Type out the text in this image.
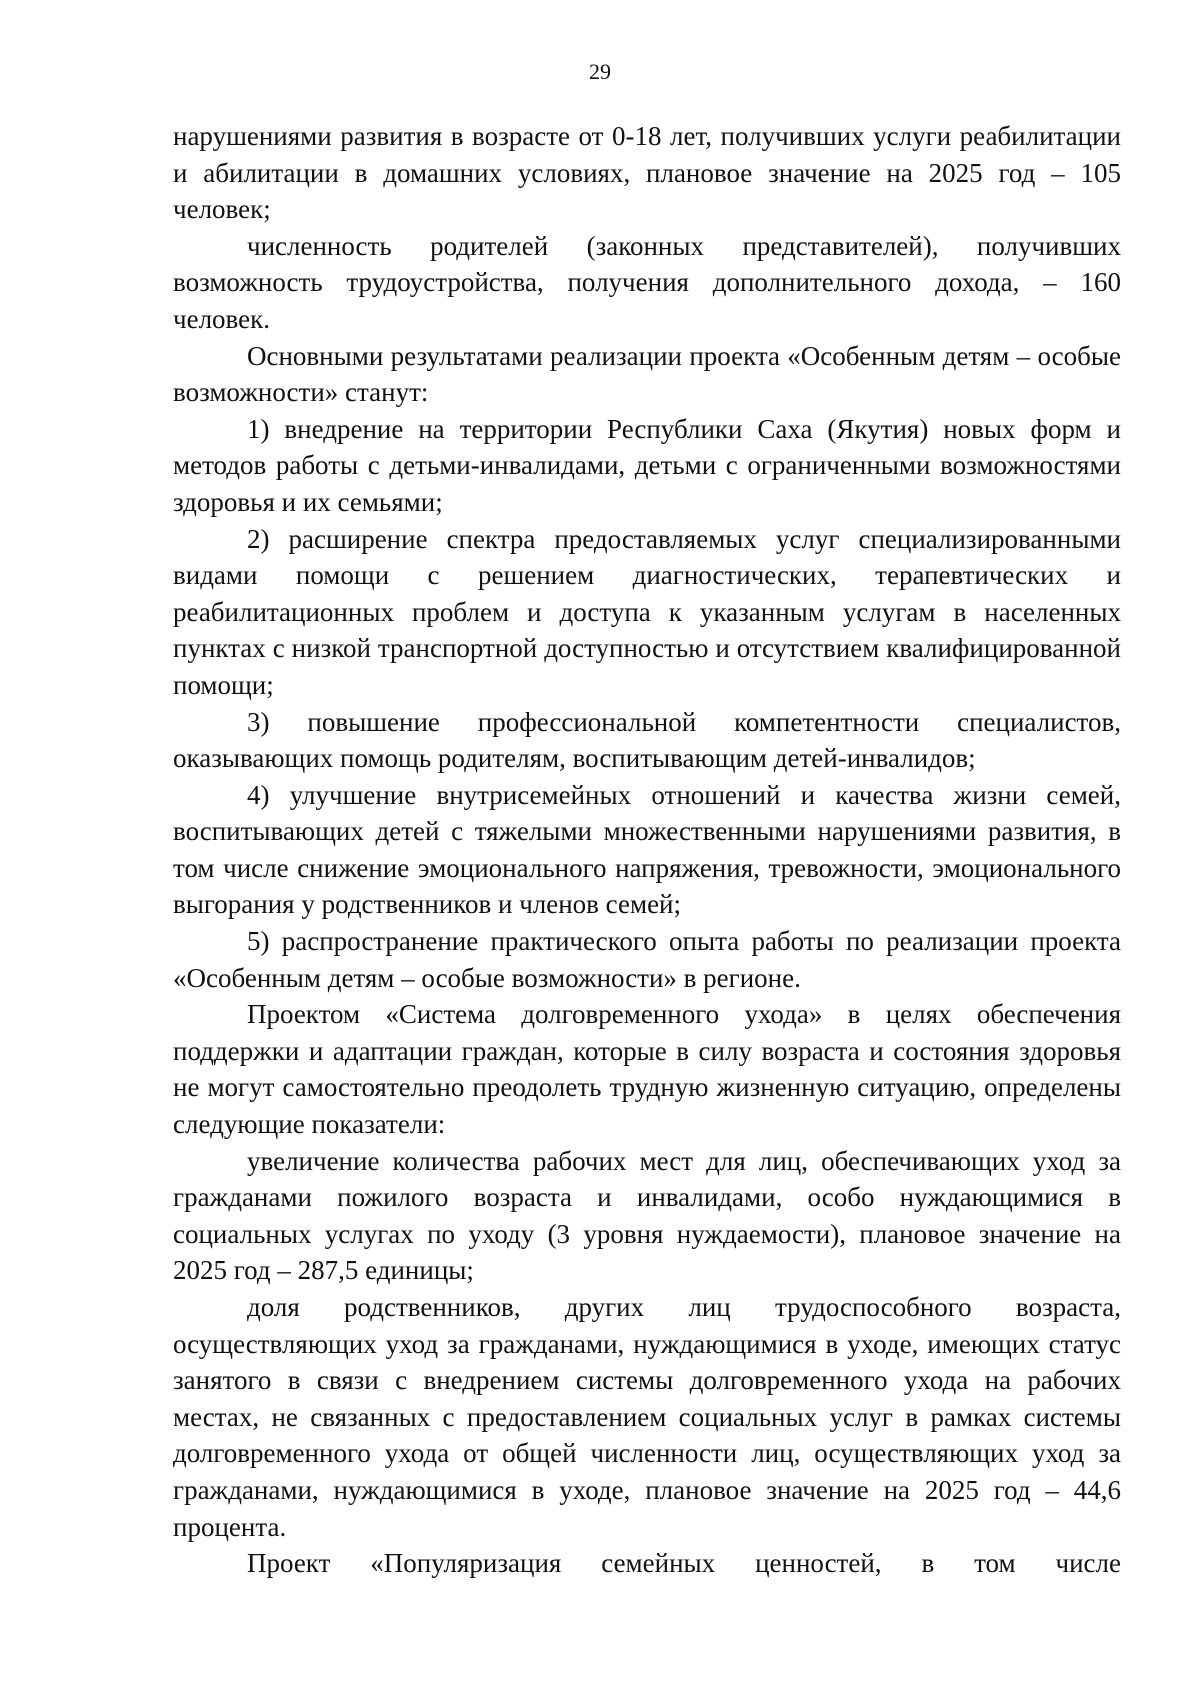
29

нарушениями развития в возрасте от 0-18 лет, получивших услуги реабилитации и абилитации в домашних условиях, плановое значение на 2025 год – 105 человек;

численность родителей (законных представителей), получивших возможность трудоустройства, получения дополнительного дохода, – 160 человек.

Основными результатами реализации проекта «Особенным детям – особые возможности» станут:

1) внедрение на территории Республики Саха (Якутия) новых форм и методов работы с детьми-инвалидами, детьми с ограниченными возможностями здоровья и их семьями;

2) расширение спектра предоставляемых услуг специализированными видами помощи с решением диагностических, терапевтических и реабилитационных проблем и доступа к указанным услугам в населенных пунктах с низкой транспортной доступностью и отсутствием квалифицированной помощи;

3) повышение профессиональной компетентности специалистов, оказывающих помощь родителям, воспитывающим детей-инвалидов;

4) улучшение внутрисемейных отношений и качества жизни семей, воспитывающих детей с тяжелыми множественными нарушениями развития, в том числе снижение эмоционального напряжения, тревожности, эмоционального выгорания у родственников и членов семей;

5) распространение практического опыта работы по реализации проекта «Особенным детям – особые возможности» в регионе.

Проектом «Система долговременного ухода» в целях обеспечения поддержки и адаптации граждан, которые в силу возраста и состояния здоровья не могут самостоятельно преодолеть трудную жизненную ситуацию, определены следующие показатели:

увеличение количества рабочих мест для лиц, обеспечивающих уход за гражданами пожилого возраста и инвалидами, особо нуждающимися в социальных услугах по уходу (3 уровня нуждаемости), плановое значение на 2025 год – 287,5 единицы;

доля родственников, других лиц трудоспособного возраста, осуществляющих уход за гражданами, нуждающимися в уходе, имеющих статус занятого в связи с внедрением системы долговременного ухода на рабочих местах, не связанных с предоставлением социальных услуг в рамках системы долговременного ухода от общей численности лиц, осуществляющих уход за гражданами, нуждающимися в уходе, плановое значение на 2025 год – 44,6 процента.

Проект «Популяризация семейных ценностей, в том числе
